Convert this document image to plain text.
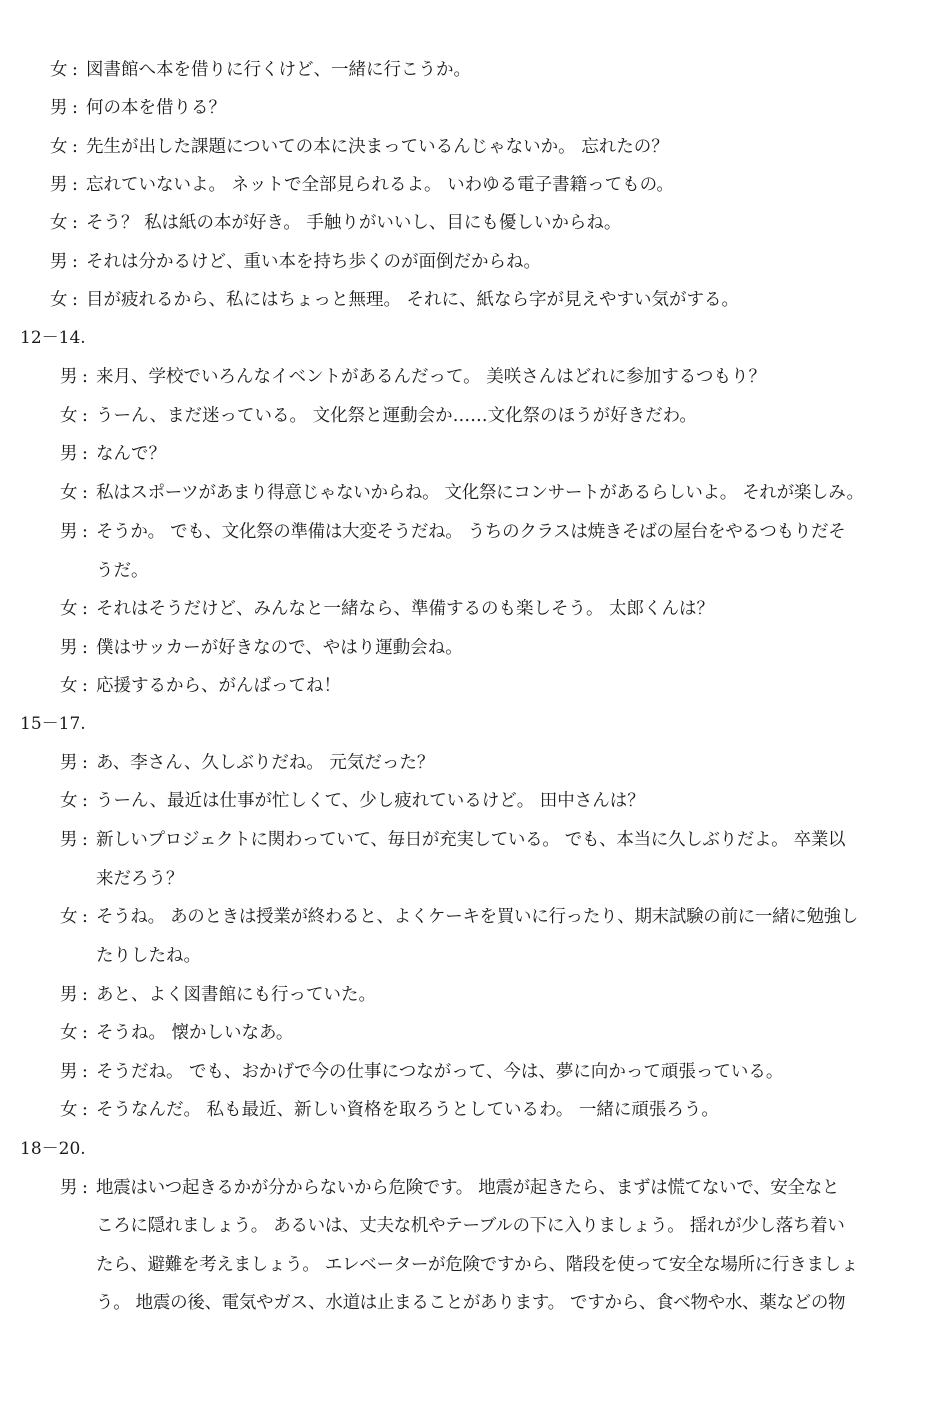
女 : 図書館へ本を借りに行くけど、一緒に行こうか。
男 : 何の本を借りる？
女 : 先生が出した課題についての本に決まっているんじゃないか。 忘れたの？
男 : 忘れていないよ。 ネットで全部見られるよ。 いわゆる電子書籍ってもの。
女 : そう？ 私は紙の本が好き。 手触りがいいし、目にも優しいからね。
男 : それは分かるけど、重い本を持ち歩くのが面倒だからね。
女 : 目が疲れるから、私にはちょっと無理。 それに、紙なら字が見えやすい気がする。
12－14.
男 : 来月、学校でいろんなイベントがあるんだって。 美咲さんはどれに参加するつもり？
女 : うーん、まだ迷っている。 文化祭と運動会か……文化祭のほうが好きだわ。
男 : なんで？
女 : 私はスポーツがあまり得意じゃないからね。 文化祭にコンサートがあるらしいよ。 それが楽しみ。
男 : そうか。 でも、文化祭の準備は大変そうだね。 うちのクラスは焼きそばの屋台をやるつもりだそ
うだ。
女 : それはそうだけど、みんなと一緒なら、準備するのも楽しそう。 太郎くんは？
男 : 僕はサッカーが好きなので、やはり運動会ね。
女 : 応援するから、がんばってね！
15－17.
男 : あ、李さん、久しぶりだね。 元気だった？
女 : うーん、最近は仕事が忙しくて、少し疲れているけど。 田中さんは？
男 : 新しいプロジェクトに関わっていて、毎日が充実している。 でも、本当に久しぶりだよ。 卒業以
来だろう？
女 : そうね。 あのときは授業が終わると、よくケーキを買いに行ったり、期末試験の前に一緒に勉強し
たりしたね。
男 : あと、よく図書館にも行っていた。
女 : そうね。 懐かしいなあ。
男 : そうだね。 でも、おかげで今の仕事につながって、今は、夢に向かって頑張っている。
女 : そうなんだ。 私も最近、新しい資格を取ろうとしているわ。 一緒に頑張ろう。
18－20.
男 : 地震はいつ起きるかが分からないから危険です。 地震が起きたら、まずは慌てないで、安全なと
ころに隠れましょう。 あるいは、丈夫な机やテーブルの下に入りましょう。 揺れが少し落ち着い
たら、避難を考えましょう。 エレベーターが危険ですから、階段を使って安全な場所に行きましょ
う。 地震の後、電気やガス、水道は止まることがあります。 ですから、食べ物や水、薬などの物
